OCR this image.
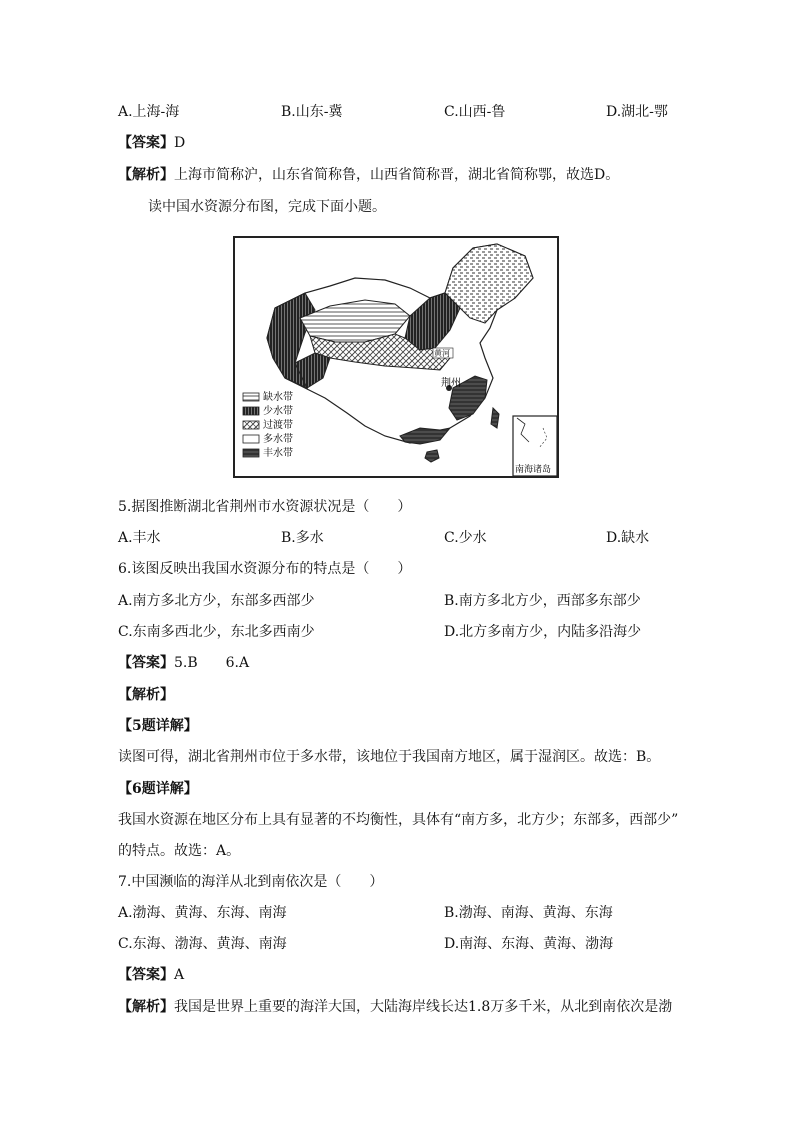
A.上海-海	B.山东-冀	C.山西-鲁	D.湖北-鄂
【答案】D
【解析】上海市简称沪，山东省简称鲁，山西省简称晋，湖北省简称鄂，故选D。
读中国水资源分布图，完成下面小题。
荆州
黄河
南海诸岛
缺水带
少水带
过渡带
多水带
丰水带
5.据图推断湖北省荆州市水资源状况是（　　）
A.丰水	B.多水	C.少水	D.缺水
6.该图反映出我国水资源分布的特点是（　　）
A.南方多北方少，东部多西部少	B.南方多北方少，西部多东部少
C.东南多西北少，东北多西南少	D.北方多南方少，内陆多沿海少
【答案】5.B　　6.A
【解析】
【5题详解】
读图可得，湖北省荆州市位于多水带，该地位于我国南方地区，属于湿润区。故选：B。
【6题详解】
我国水资源在地区分布上具有显著的不均衡性，具体有“南方多，北方少；东部多，西部少”
的特点。故选：A。
7.中国濒临的海洋从北到南依次是（　　）
A.渤海、黄海、东海、南海	B.渤海、南海、黄海、东海
C.东海、渤海、黄海、南海	D.南海、东海、黄海、渤海
【答案】A
【解析】我国是世界上重要的海洋大国，大陆海岸线长达1.8万多千米，从北到南依次是渤
